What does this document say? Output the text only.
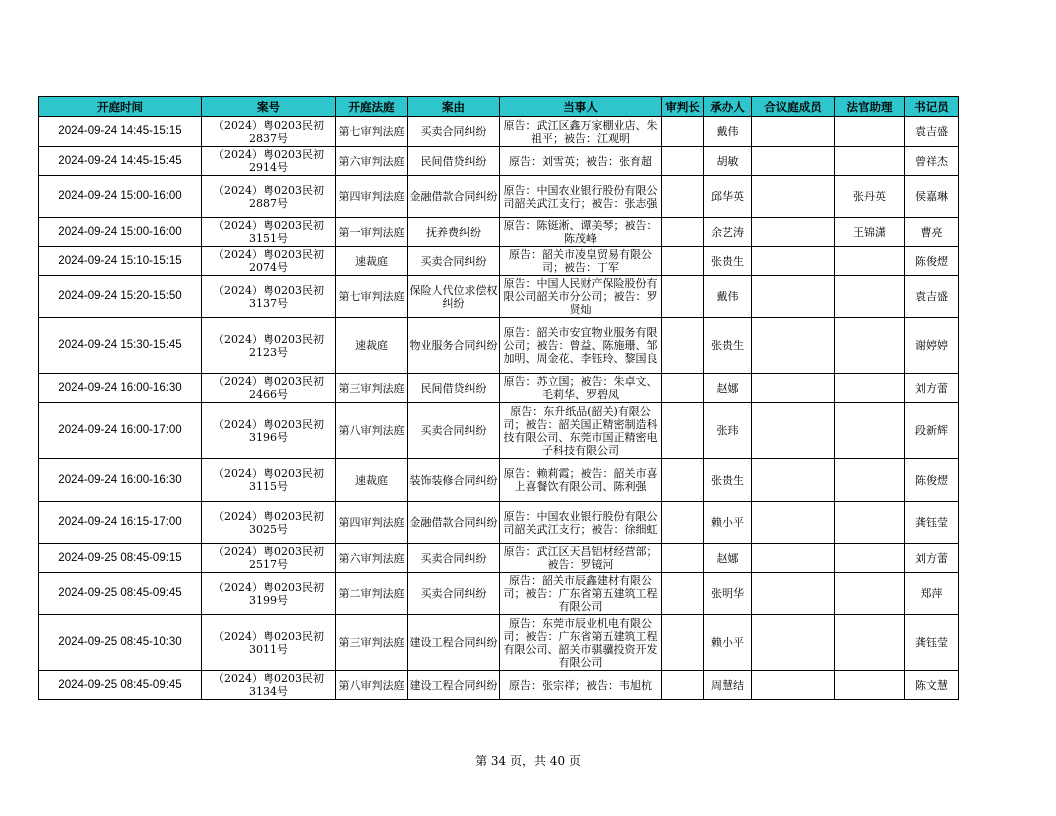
开庭时间	案号	开庭法庭	案由	当事人	审判长	承办人	合议庭成员	法官助理	书记员

2024-09-24 14:45-15:15	（2024）粤0203民初2837号	第七审判法庭	买卖合同纠纷	原告：武江区鑫万家棚业店、朱祖平；被告：江观明		戴伟			袁吉盛

2024-09-24 14:45-15:45	（2024）粤0203民初2914号	第六审判法庭	民间借贷纠纷	原告：刘雪英；被告：张育超		胡敏			曾祥杰

2024-09-24 15:00-16:00	（2024）粤0203民初2887号	第四审判法庭	金融借款合同纠纷	原告：中国农业银行股份有限公司韶关武江支行；被告：张志强		邱华英		张丹英	侯嘉琳

2024-09-24 15:00-16:00	（2024）粤0203民初3151号	第一审判法庭	抚养费纠纷	原告：陈铤淅、谭美琴；被告：陈茂峰		余艺涛		王锦潇	曹亮

2024-09-24 15:10-15:15	（2024）粤0203民初2074号	速裁庭	买卖合同纠纷	原告：韶关市凌皇贸易有限公司；被告：丁军		张贵生			陈俊熤

2024-09-24 15:20-15:50	（2024）粤0203民初3137号	第七审判法庭	保险人代位求偿权纠纷	原告：中国人民财产保险股份有限公司韶关市分公司；被告：罗贤灿		戴伟			袁吉盛

2024-09-24 15:30-15:45	（2024）粤0203民初2123号	速裁庭	物业服务合同纠纷	原告：韶关市安宜物业服务有限公司；被告：曾益、陈施珊、邹加明、周金花、李钰玲、黎国良		张贵生			谢婷婷

2024-09-24 16:00-16:30	（2024）粤0203民初2466号	第三审判法庭	民间借贷纠纷	原告：苏立国；被告：朱卓文、毛莉华、罗碧凤		赵娜			刘方蕾

2024-09-24 16:00-17:00	（2024）粤0203民初3196号	第八审判法庭	买卖合同纠纷	原告：东升纸品(韶关)有限公司；被告：韶关国正精密制造科技有限公司、东莞市国正精密电子科技有限公司		张玮			段新辉

2024-09-24 16:00-16:30	（2024）粤0203民初3115号	速裁庭	装饰装修合同纠纷	原告：赖莉霞；被告：韶关市喜上喜餐饮有限公司、陈利强		张贵生			陈俊熤

2024-09-24 16:15-17:00	（2024）粤0203民初3025号	第四审判法庭	金融借款合同纠纷	原告：中国农业银行股份有限公司韶关武江支行；被告：徐细虹		赖小平			龚钰莹

2024-09-25 08:45-09:15	（2024）粤0203民初2517号	第六审判法庭	买卖合同纠纷	原告：武江区天昌铝材经营部；被告：罗镜河		赵娜			刘方蕾

2024-09-25 08:45-09:45	（2024）粤0203民初3199号	第二审判法庭	买卖合同纠纷	原告：韶关市辰鑫建材有限公司；被告：广东省第五建筑工程有限公司		张明华			郑萍

2024-09-25 08:45-10:30	（2024）粤0203民初3011号	第三审判法庭	建设工程合同纠纷	原告：东莞市辰业机电有限公司；被告：广东省第五建筑工程有限公司、韶关市骐骥投资开发有限公司		赖小平			龚钰莹

2024-09-25 08:45-09:45	（2024）粤0203民初3134号	第八审判法庭	建设工程合同纠纷	原告：张宗祥；被告：韦旭杭		周慧结			陈文慧
第 34 页，共 40 页
